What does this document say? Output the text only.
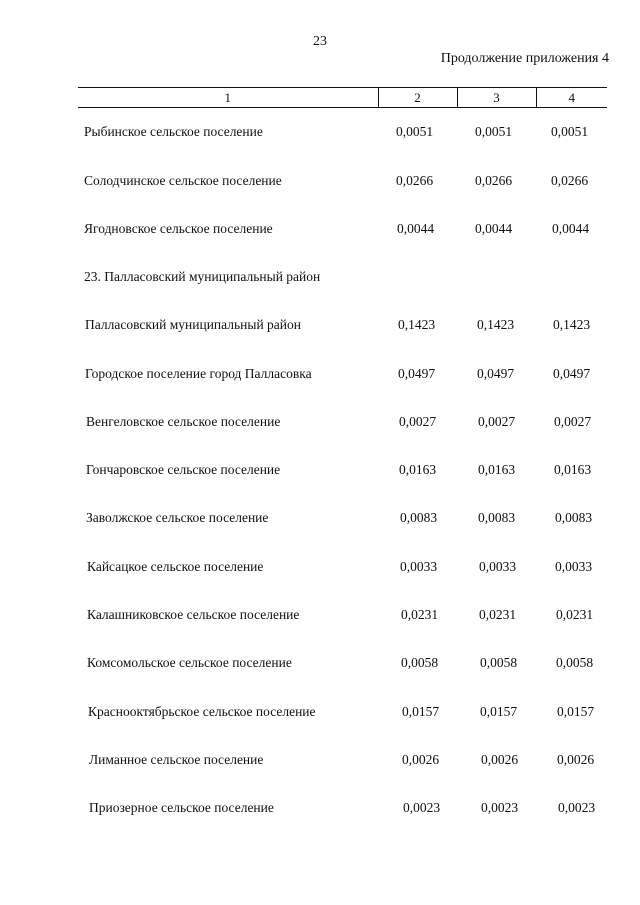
23
Продолжение приложения 4
1	2	3	4
Рыбинское сельское поселение	0,0051	0,0051	0,0051
Солодчинское сельское поселение	0,0266	0,0266	0,0266
Ягодновское сельское поселение	0,0044	0,0044	0,0044
23. Палласовский муниципальный район
Палласовский муниципальный район	0,1423	0,1423	0,1423
Городское поселение город Палласовка	0,0497	0,0497	0,0497
Венгеловское сельское поселение	0,0027	0,0027	0,0027
Гончаровское сельское поселение	0,0163	0,0163	0,0163
Заволжское сельское поселение	0,0083	0,0083	0,0083
Кайсацкое сельское поселение	0,0033	0,0033	0,0033
Калашниковское сельское поселение	0,0231	0,0231	0,0231
Комсомольское сельское поселение	0,0058	0,0058	0,0058
Краснооктябрьское сельское поселение	0,0157	0,0157	0,0157
Лиманное сельское поселение	0,0026	0,0026	0,0026
Приозерное сельское поселение	0,0023	0,0023	0,0023
